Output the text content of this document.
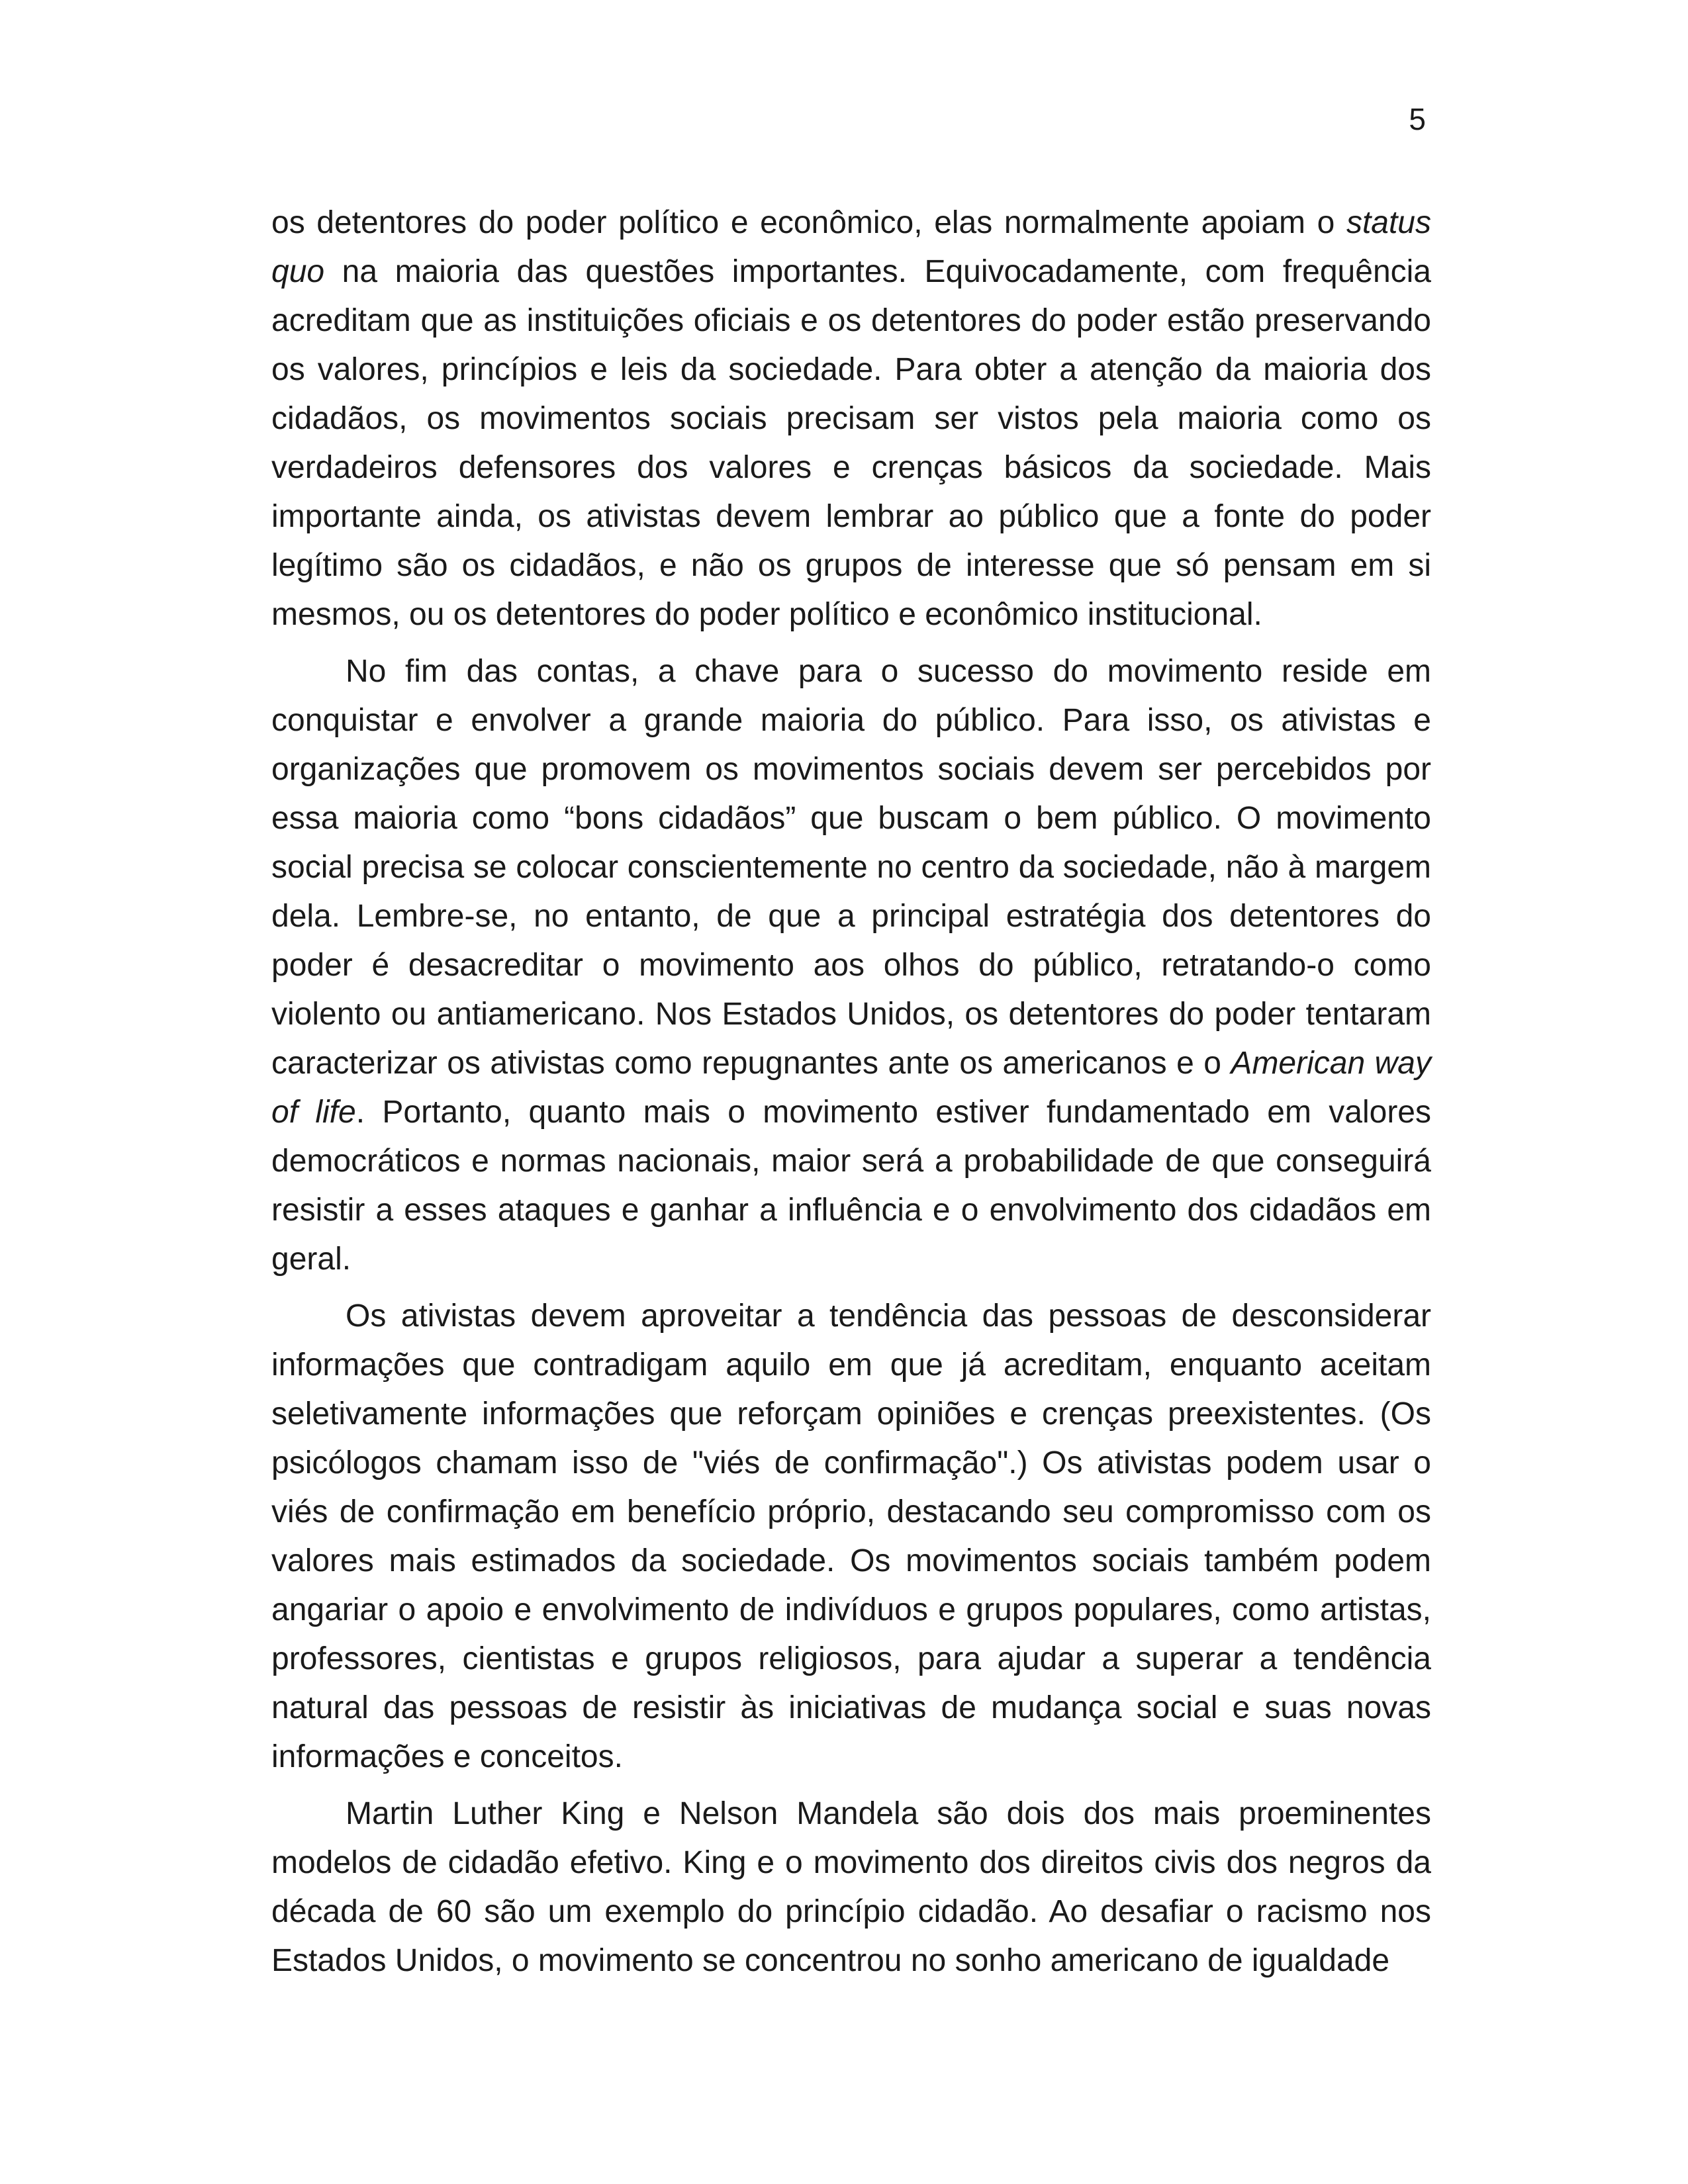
5

os detentores do poder político e econômico, elas normalmente apoiam o status quo na maioria das questões importantes. Equivocadamente, com frequência acreditam que as instituições oficiais e os detentores do poder estão preservando os valores, princípios e leis da sociedade. Para obter a atenção da maioria dos cidadãos, os movimentos sociais precisam ser vistos pela maioria como os verdadeiros defensores dos valores e crenças básicos da sociedade. Mais importante ainda, os ativistas devem lembrar ao público que a fonte do poder legítimo são os cidadãos, e não os grupos de interesse que só pensam em si mesmos, ou os detentores do poder político e econômico institucional.

No fim das contas, a chave para o sucesso do movimento reside em conquistar e envolver a grande maioria do público. Para isso, os ativistas e organizações que promovem os movimentos sociais devem ser percebidos por essa maioria como “bons cidadãos” que buscam o bem público. O movimento social precisa se colocar conscientemente no centro da sociedade, não à margem dela. Lembre-se, no entanto, de que a principal estratégia dos detentores do poder é desacreditar o movimento aos olhos do público, retratando-o como violento ou antiamericano. Nos Estados Unidos, os detentores do poder tentaram caracterizar os ativistas como repugnantes ante os americanos e o American way of life. Portanto, quanto mais o movimento estiver fundamentado em valores democráticos e normas nacionais, maior será a probabilidade de que conseguirá resistir a esses ataques e ganhar a influência e o envolvimento dos cidadãos em geral.

Os ativistas devem aproveitar a tendência das pessoas de desconsiderar informações que contradigam aquilo em que já acreditam, enquanto aceitam seletivamente informações que reforçam opiniões e crenças preexistentes. (Os psicólogos chamam isso de "viés de confirmação".) Os ativistas podem usar o viés de confirmação em benefício próprio, destacando seu compromisso com os valores mais estimados da sociedade. Os movimentos sociais também podem angariar o apoio e envolvimento de indivíduos e grupos populares, como artistas, professores, cientistas e grupos religiosos, para ajudar a superar a tendência natural das pessoas de resistir às iniciativas de mudança social e suas novas informações e conceitos.

Martin Luther King e Nelson Mandela são dois dos mais proeminentes modelos de cidadão efetivo. King e o movimento dos direitos civis dos negros da década de 60 são um exemplo do princípio cidadão. Ao desafiar o racismo nos Estados Unidos, o movimento se concentrou no sonho americano de igualdade
